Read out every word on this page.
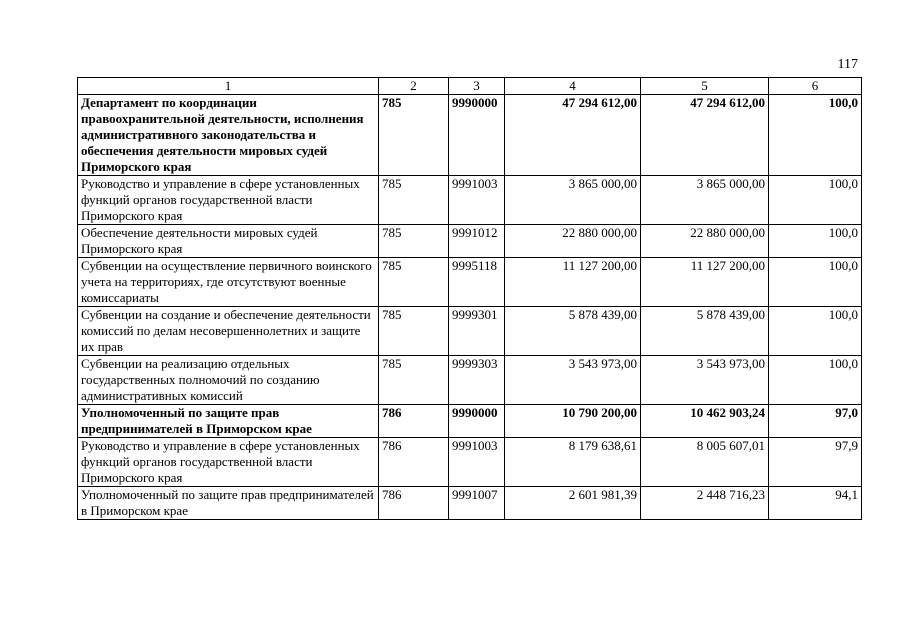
117
1	2	3	4	5	6
Департамент по координации правоохранительной деятельности, исполнения административного законодательства и обеспечения деятельности мировых судей Приморского края	785	9990000	47 294 612,00	47 294 612,00	100,0
Руководство и управление в сфере установленных функций органов государственной власти Приморского края	785	9991003	3 865 000,00	3 865 000,00	100,0
Обеспечение деятельности мировых судей Приморского края	785	9991012	22 880 000,00	22 880 000,00	100,0
Субвенции на осуществление первичного воинского учета на территориях, где отсутствуют военные комиссариаты	785	9995118	11 127 200,00	11 127 200,00	100,0
Субвенции на создание и обеспечение деятельности комиссий по делам несовершеннолетних и защите их прав	785	9999301	5 878 439,00	5 878 439,00	100,0
Субвенции на реализацию отдельных государственных полномочий по созданию административных комиссий	785	9999303	3 543 973,00	3 543 973,00	100,0
Уполномоченный по защите прав предпринимателей в Приморском крае	786	9990000	10 790 200,00	10 462 903,24	97,0
Руководство и управление в сфере установленных функций органов государственной власти Приморского края	786	9991003	8 179 638,61	8 005 607,01	97,9
Уполномоченный по защите прав предпринимателей в Приморском крае	786	9991007	2 601 981,39	2 448 716,23	94,1
